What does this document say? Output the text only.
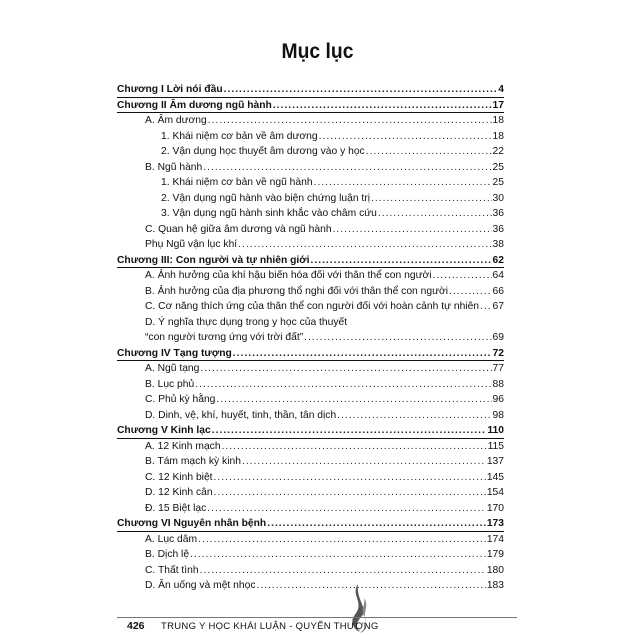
Mục lục
Chương I Lời nói đầu .....	4
Chương II Âm dương ngũ hành .....	17
A. Âm dương .....	18
1. Khái niệm cơ bản về âm dương .....	18
2. Vận dụng học thuyết âm dương vào y học .....	22
B. Ngũ hành .....	25
1. Khái niệm cơ bản về ngũ hành .....	25
2. Vận dụng ngũ hành vào biện chứng luận trị .....	30
3. Vận dụng ngũ hành sinh khắc vào châm cứu .....	36
C. Quan hệ giữa âm dương và ngũ hành .....	36
Phụ Ngũ vận lục khí .....	38
Chương III: Con người và tự nhiên giới .....	62
A. Ảnh hưởng của khí hậu biến hóa đối với thân thể con người .....	64
B. Ảnh hưởng của địa phương thổ nghi đối với thân thể con người .....	66
C. Cơ năng thích ứng của thân thể con người đối với hoàn cảnh tự nhiên ..... 67
D. Ý nghĩa thực dụng trong y học của thuyết
“con người tương ứng với trời đất” .....	69
Chương IV Tạng tượng .....	72
A. Ngũ tạng .....	77
B. Lục phủ .....	88
C. Phủ kỳ hằng .....	96
D. Dinh, vệ, khí, huyết, tinh, thần, tân dịch .....	98
Chương V Kinh lạc .....	110
A. 12 Kinh mạch .....	115
B. Tám mạch kỳ kinh .....	137
C. 12 Kinh biệt .....	145
D. 12 Kinh cân .....	154
Đ. 15 Biệt lạc .....	170
Chương VI Nguyên nhân bệnh .....	173
A. Lục dâm .....	174
B. Dịch lệ .....	179
C. Thất tình .....	180
D. Ăn uống và mệt nhọc .....	183
426 TRUNG Y HỌC KHÁI LUẬN - QUYỂN THƯỢNG
